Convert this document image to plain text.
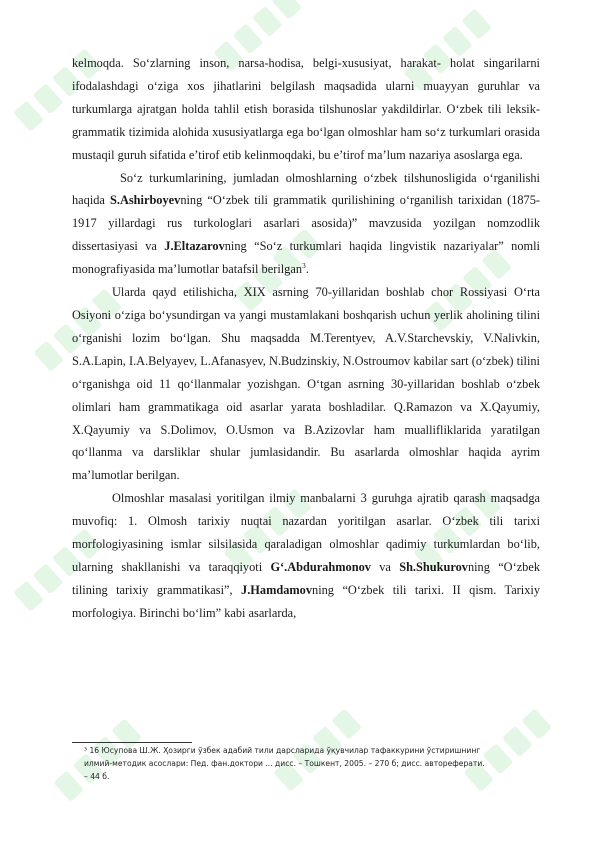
kelmoqda. So‘zlarning inson, narsa-hodisa, belgi-xususiyat, harakat- holat singarilarni ifodalashdagi o‘ziga xos jihatlarini belgilash maqsadida ularni muayyan guruhlar va turkumlarga ajratgan holda tahlil etish borasida tilshunoslar yakdildirlar. O‘zbek tili leksik-grammatik tizimida alohida xususiyatlarga ega bo‘lgan olmoshlar ham so‘z turkumlari orasida mustaqil guruh sifatida e’tirof etib kelinmoqdaki, bu e’tirof ma’lum nazariya asoslarga ega.

So‘z turkumlarining, jumladan olmoshlarning o‘zbek tilshunosligida o‘rganilishi haqida S.Ashirboyevning “O‘zbek tili grammatik qurilishining o‘rganilish tarixidan (1875-1917 yillardagi rus turkologlari asarlari asosida)” mavzusida yozilgan nomzodlik dissertasiyasi va J.Eltazarovning “So‘z turkumlari haqida lingvistik nazariyalar” nomli monografiyasida ma’lumotlar batafsil berilgan$^3$.

Ularda qayd etilishicha, XIX asrning 70-yillaridan boshlab chor Rossiyasi O‘rta Osiyoni o‘ziga bo‘ysundirgan va yangi mustamlakani boshqarish uchun yerlik aholining tilini o‘rganishi lozim bo‘lgan. Shu maqsadda M.Terentyev, A.V.Starchevskiy, V.Nalivkin, S.A.Lapin, I.A.Belyayev, L.Afanasyev, N.Budzinskiy, N.Ostroumov kabilar sart (o‘zbek) tilini o‘rganishga oid 11 qo‘llanmalar yozishgan. O‘tgan asrning 30-yillaridan boshlab o‘zbek olimlari ham grammatikaga oid asarlar yarata boshladilar. Q.Ramazon va X.Qayumiy, X.Qayumiy va S.Dolimov, O.Usmon va B.Azizovlar ham muallifliklarida yaratilgan qo‘llanma va darsliklar shular jumlasidandir. Bu asarlarda olmoshlar haqida ayrim ma’lumotlar berilgan.

Olmoshlar masalasi yoritilgan ilmiy manbalarni 3 guruhga ajratib qarash maqsadga muvofiq: 1. Olmosh tarixiy nuqtai nazardan yoritilgan asarlar. O‘zbek tili tarixi morfologiyasining ismlar silsilasida qaraladigan olmoshlar qadimiy turkumlardan bo‘lib, ularning shakllanishi va taraqqiyoti G‘.Abdurahmonov va Sh.Shukurovning “O‘zbek tilining tarixiy grammatikasi”, J.Hamdamovning “O‘zbek tili tarixi. II qism. Tarixiy morfologiya. Birinchi bo‘lim” kabi asarlarda,

³ 16 Юсупова Ш.Ж. Ҳозирги ўзбек адабий тили дарсларида ўқувчилар тафаккурини ўстиришнинг

илмий-методик асослари: Пед. фан.доктори ... дисс. – Тошкент, 2005. – 270 б; дисс. автореферати.

– 44 б.
